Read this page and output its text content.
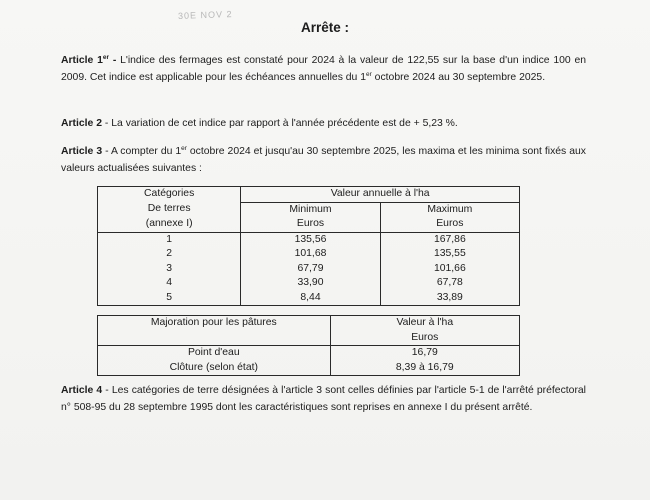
30E NOV 2
Arrête :
Article 1er - L'indice des fermages est constaté pour 2024 à la valeur de 122,55 sur la base d'un indice 100 en 2009. Cet indice est applicable pour les échéances annuelles du 1er octobre 2024 au 30 septembre 2025.
Article 2 - La variation de cet indice par rapport à l'année précédente est de + 5,23 %.
Article 3 - A compter du 1er octobre 2024 et jusqu'au 30 septembre 2025, les maxima et les minima sont fixés aux valeurs actualisées suivantes :
Catégories	Valeur annuelle à l'ha	
De terres	Minimum	Maximum
(annexe I)	Euros	Euros
1	135,56	167,86
2	101,68	135,55
3	67,79	101,66
4	33,90	67,78
5	8,44	33,89
Majoration pour les pâtures	Valeur à l'ha
	Euros
Point d'eau	16,79
Clôture (selon état)	8,39 à 16,79
Article 4 - Les catégories de terre désignées à l'article 3 sont celles définies par l'article 5-1 de l'arrêté préfectoral n° 508-95 du 28 septembre 1995 dont les caractéristiques sont reprises en annexe I du présent arrêté.
